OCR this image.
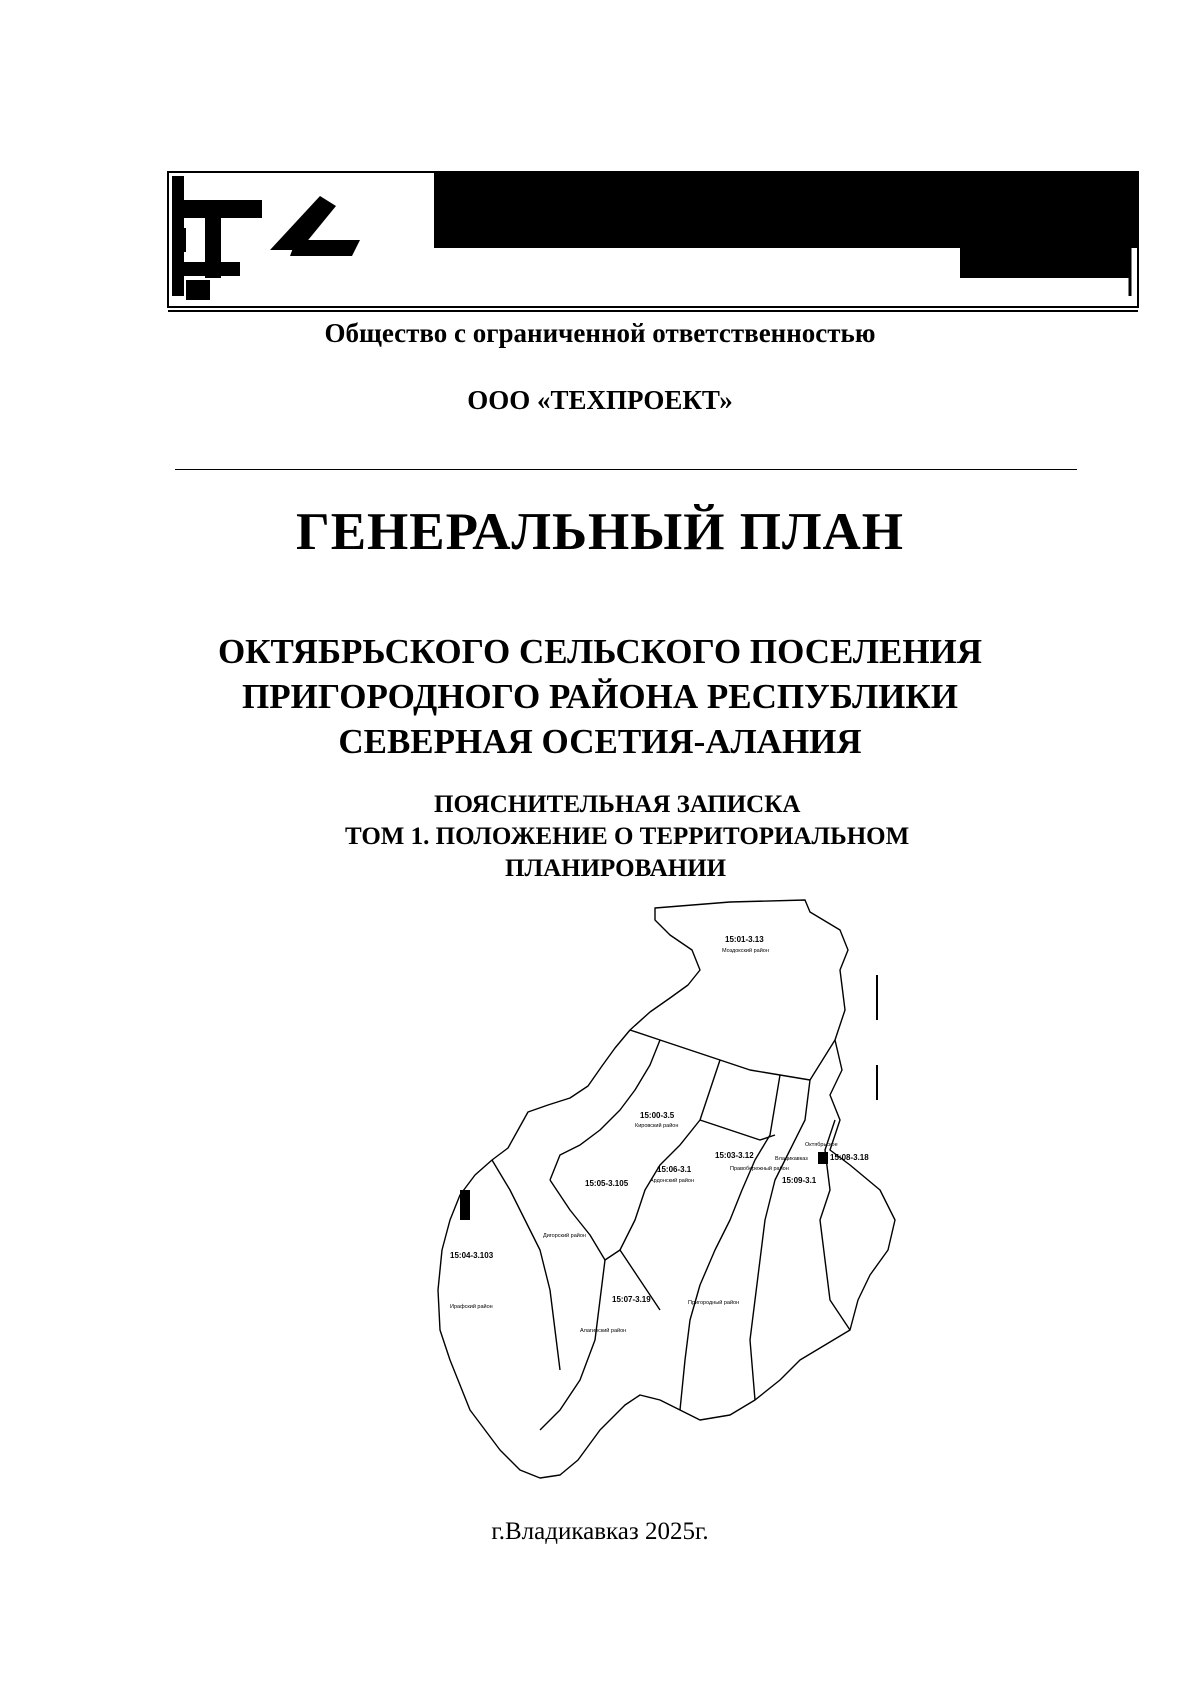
Общество с ограниченной ответственностью
ООО «ТЕХПРОЕКТ»
ГЕНЕРАЛЬНЫЙ ПЛАН
ОКТЯБРЬСКОГО СЕЛЬСКОГО ПОСЕЛЕНИЯ
ПРИГОРОДНОГО РАЙОНА РЕСПУБЛИКИ
СЕВЕРНАЯ ОСЕТИЯ-АЛАНИЯ
ПОЯСНИТЕЛЬНАЯ ЗАПИСКА
ТОМ 1. ПОЛОЖЕНИЕ О ТЕРРИТОРИАЛЬНОМ
ПЛАНИРОВАНИИ
15:01-3.13
Моздокский район
15:00-3.5
Кировский район
15:03-3.12
Правобережный район
15:06-3.1
Ардонский район
15:05-3.105
Дигорский район
15:04-3.103
Ирафский район
15:07-3.19
Алагирский район
Пригородный район
15:08-3.18
Октябрьское
15:09-3.1
Владикавказ
г.Владикавказ 2025г.
